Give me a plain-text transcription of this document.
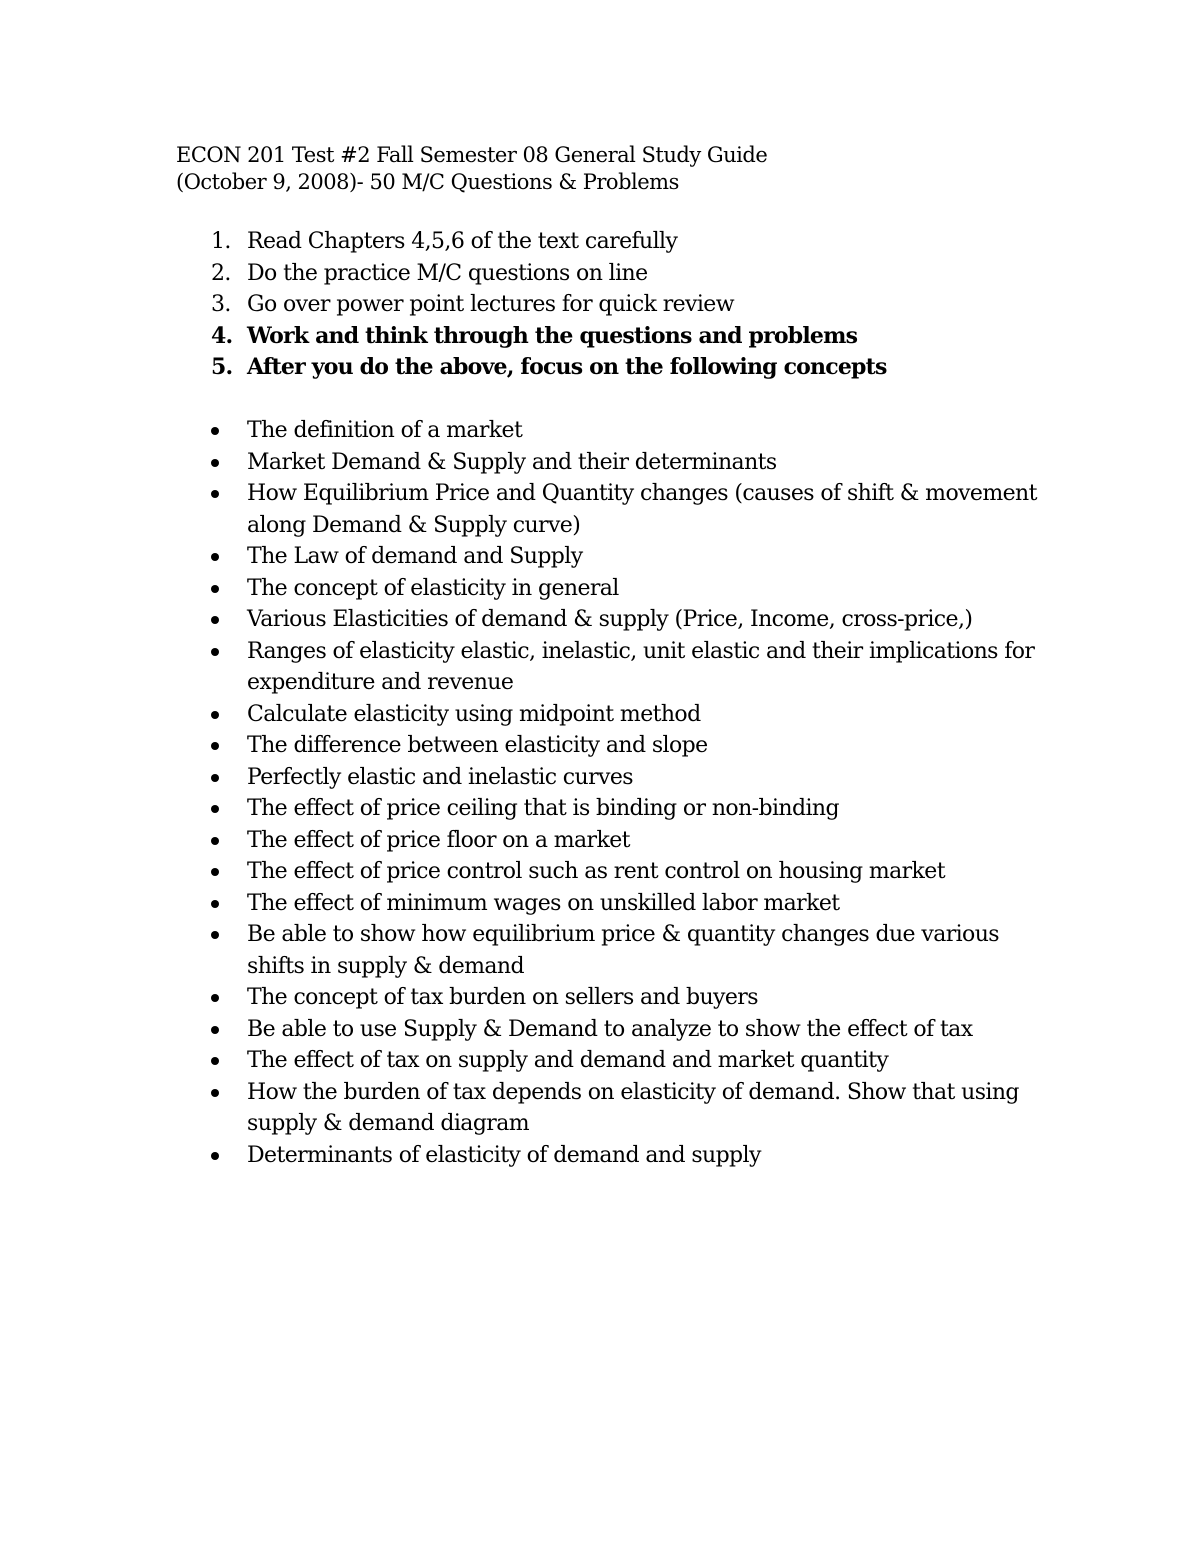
ECON 201 Test #2 Fall Semester 08 General Study Guide
(October 9, 2008)- 50 M/C Questions & Problems
1. Read Chapters 4,5,6 of the text carefully
2. Do the practice M/C questions on line
3. Go over power point lectures for quick review
4. Work and think through the questions and problems
5. After you do the above, focus on the following concepts
The definition of a market
Market Demand & Supply and their determinants
How Equilibrium Price and Quantity changes (causes of shift & movement along Demand & Supply curve)
The Law of demand and Supply
The concept of elasticity in general
Various Elasticities of demand & supply (Price, Income, cross-price,)
Ranges of elasticity elastic, inelastic, unit elastic and their implications for expenditure and revenue
Calculate elasticity using midpoint method
The difference between elasticity and slope
Perfectly elastic and inelastic curves
The effect of price ceiling that is binding or non-binding
The effect of price floor on a market
The effect of price control such as rent control on housing market
The effect of minimum wages on unskilled labor market
Be able to show how equilibrium price & quantity changes due various shifts in supply & demand
The concept of tax burden on sellers and buyers
Be able to use Supply & Demand to analyze to show the effect of tax
The effect of tax on supply and demand and market quantity
How the burden of tax depends on elasticity of demand. Show that using supply & demand diagram
Determinants of elasticity of demand and supply
